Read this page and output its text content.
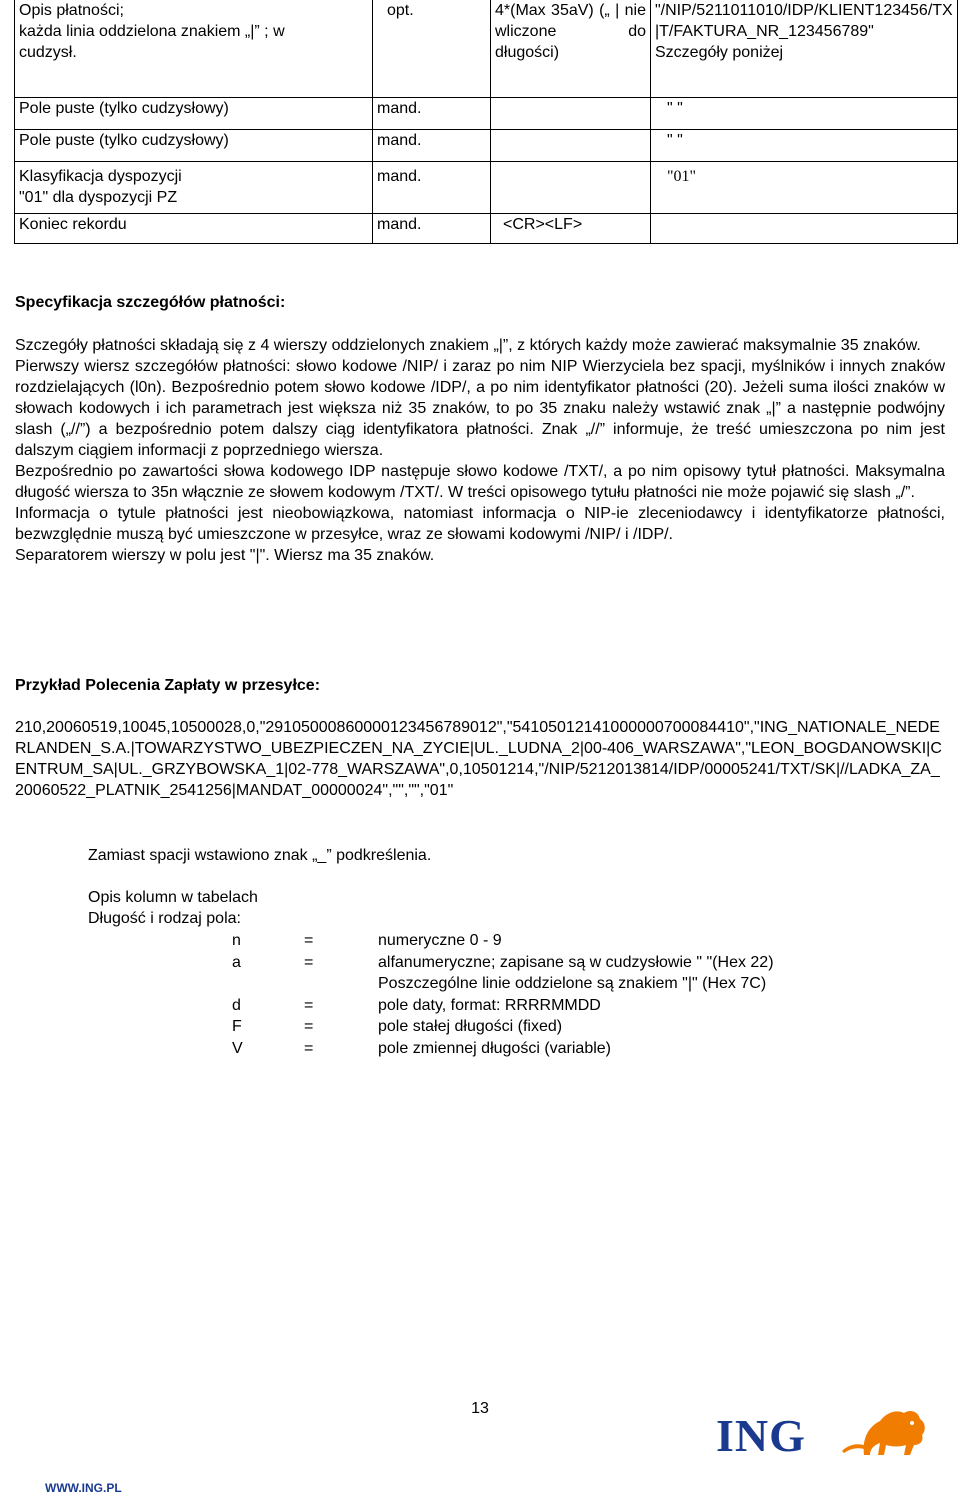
Opis płatności;
każda linia oddzielona znakiem „|” ; w cudzysł.	opt.	4*(Max 35aV) („ | nie wliczone do długości)	"/NIP/5211011010/IDP/KLIENT123456/TX|T/FAKTURA_NR_123456789"
Szczegóły poniżej
Pole puste (tylko cudzysłowy)	mand.		" "
Pole puste (tylko cudzysłowy)	mand.		" "
Klasyfikacja dyspozycji
"01" dla dyspozycji PZ	mand.		"01"
Koniec rekordu	mand.	<CR><LF>	
Specyfikacja szczegółów płatności:

Szczegóły płatności składają się z 4 wierszy oddzielonych znakiem „|”, z których każdy może zawierać maksymalnie 35 znaków.

Pierwszy wiersz szczegółów płatności: słowo kodowe /NIP/ i zaraz po nim NIP Wierzyciela bez spacji, myślników i innych znaków rozdzielających (l0n). Bezpośrednio potem słowo kodowe /IDP/, a po nim identyfikator płatności (20). Jeżeli suma ilości znaków w słowach kodowych i ich parametrach jest większa niż 35 znaków, to po 35 znaku należy wstawić znak „|” a następnie podwójny slash („//”) a bezpośrednio potem dalszy ciąg identyfikatora płatności. Znak „//” informuje, że treść umieszczona po nim jest dalszym ciągiem informacji z poprzedniego wiersza.

Bezpośrednio po zawartości słowa kodowego IDP następuje słowo kodowe /TXT/, a po nim opisowy tytuł płatności. Maksymalna długość wiersza to 35n włącznie ze słowem kodowym /TXT/. W treści opisowego tytułu płatności nie może pojawić się slash „/”.

Informacja o tytule płatności jest nieobowiązkowa, natomiast informacja o NIP-ie zleceniodawcy i identyfikatorze płatności, bezwzględnie muszą być umieszczone w przesyłce, wraz ze słowami kodowymi /NIP/ i /IDP/.

Separatorem wierszy w polu jest "|". Wiersz ma 35 znaków.

Przykład Polecenia Zapłaty w przesyłce:
210,20060519,10045,10500028,0,"29105000860000123456789012","54105012141000000700084410","ING_NATIONALE_NEDERLANDEN_S.A.|TOWARZYSTWO_UBEZPIECZEN_NA_ZYCIE|UL._LUDNA_2|00-406_WARSZAWA","LEON_BOGDANOWSKI|CENTRUM_SA|UL._GRZYBOWSKA_1|02-778_WARSZAWA",0,10501214,"/NIP/5212013814/IDP/00005241/TXT/SK|//LADKA_ZA_20060522_PLATNIK_2541256|MANDAT_00000024","","","01"
Zamiast spacji wstawiono znak „_” podkreślenia.
Opis kolumn w tabelach
Długość i rodzaj pola:
n	=	numeryczne 0 - 9
a	=	alfanumeryczne; zapisane są w cudzysłowie " "(Hex 22)
		Poszczególne linie oddzielone są znakiem "|" (Hex 7C)
d	=	pole daty, format: RRRRMMDD
F	=	pole stałej długości (fixed)
V	=	pole zmiennej długości (variable)
13
ING
WWW.ING.PL
